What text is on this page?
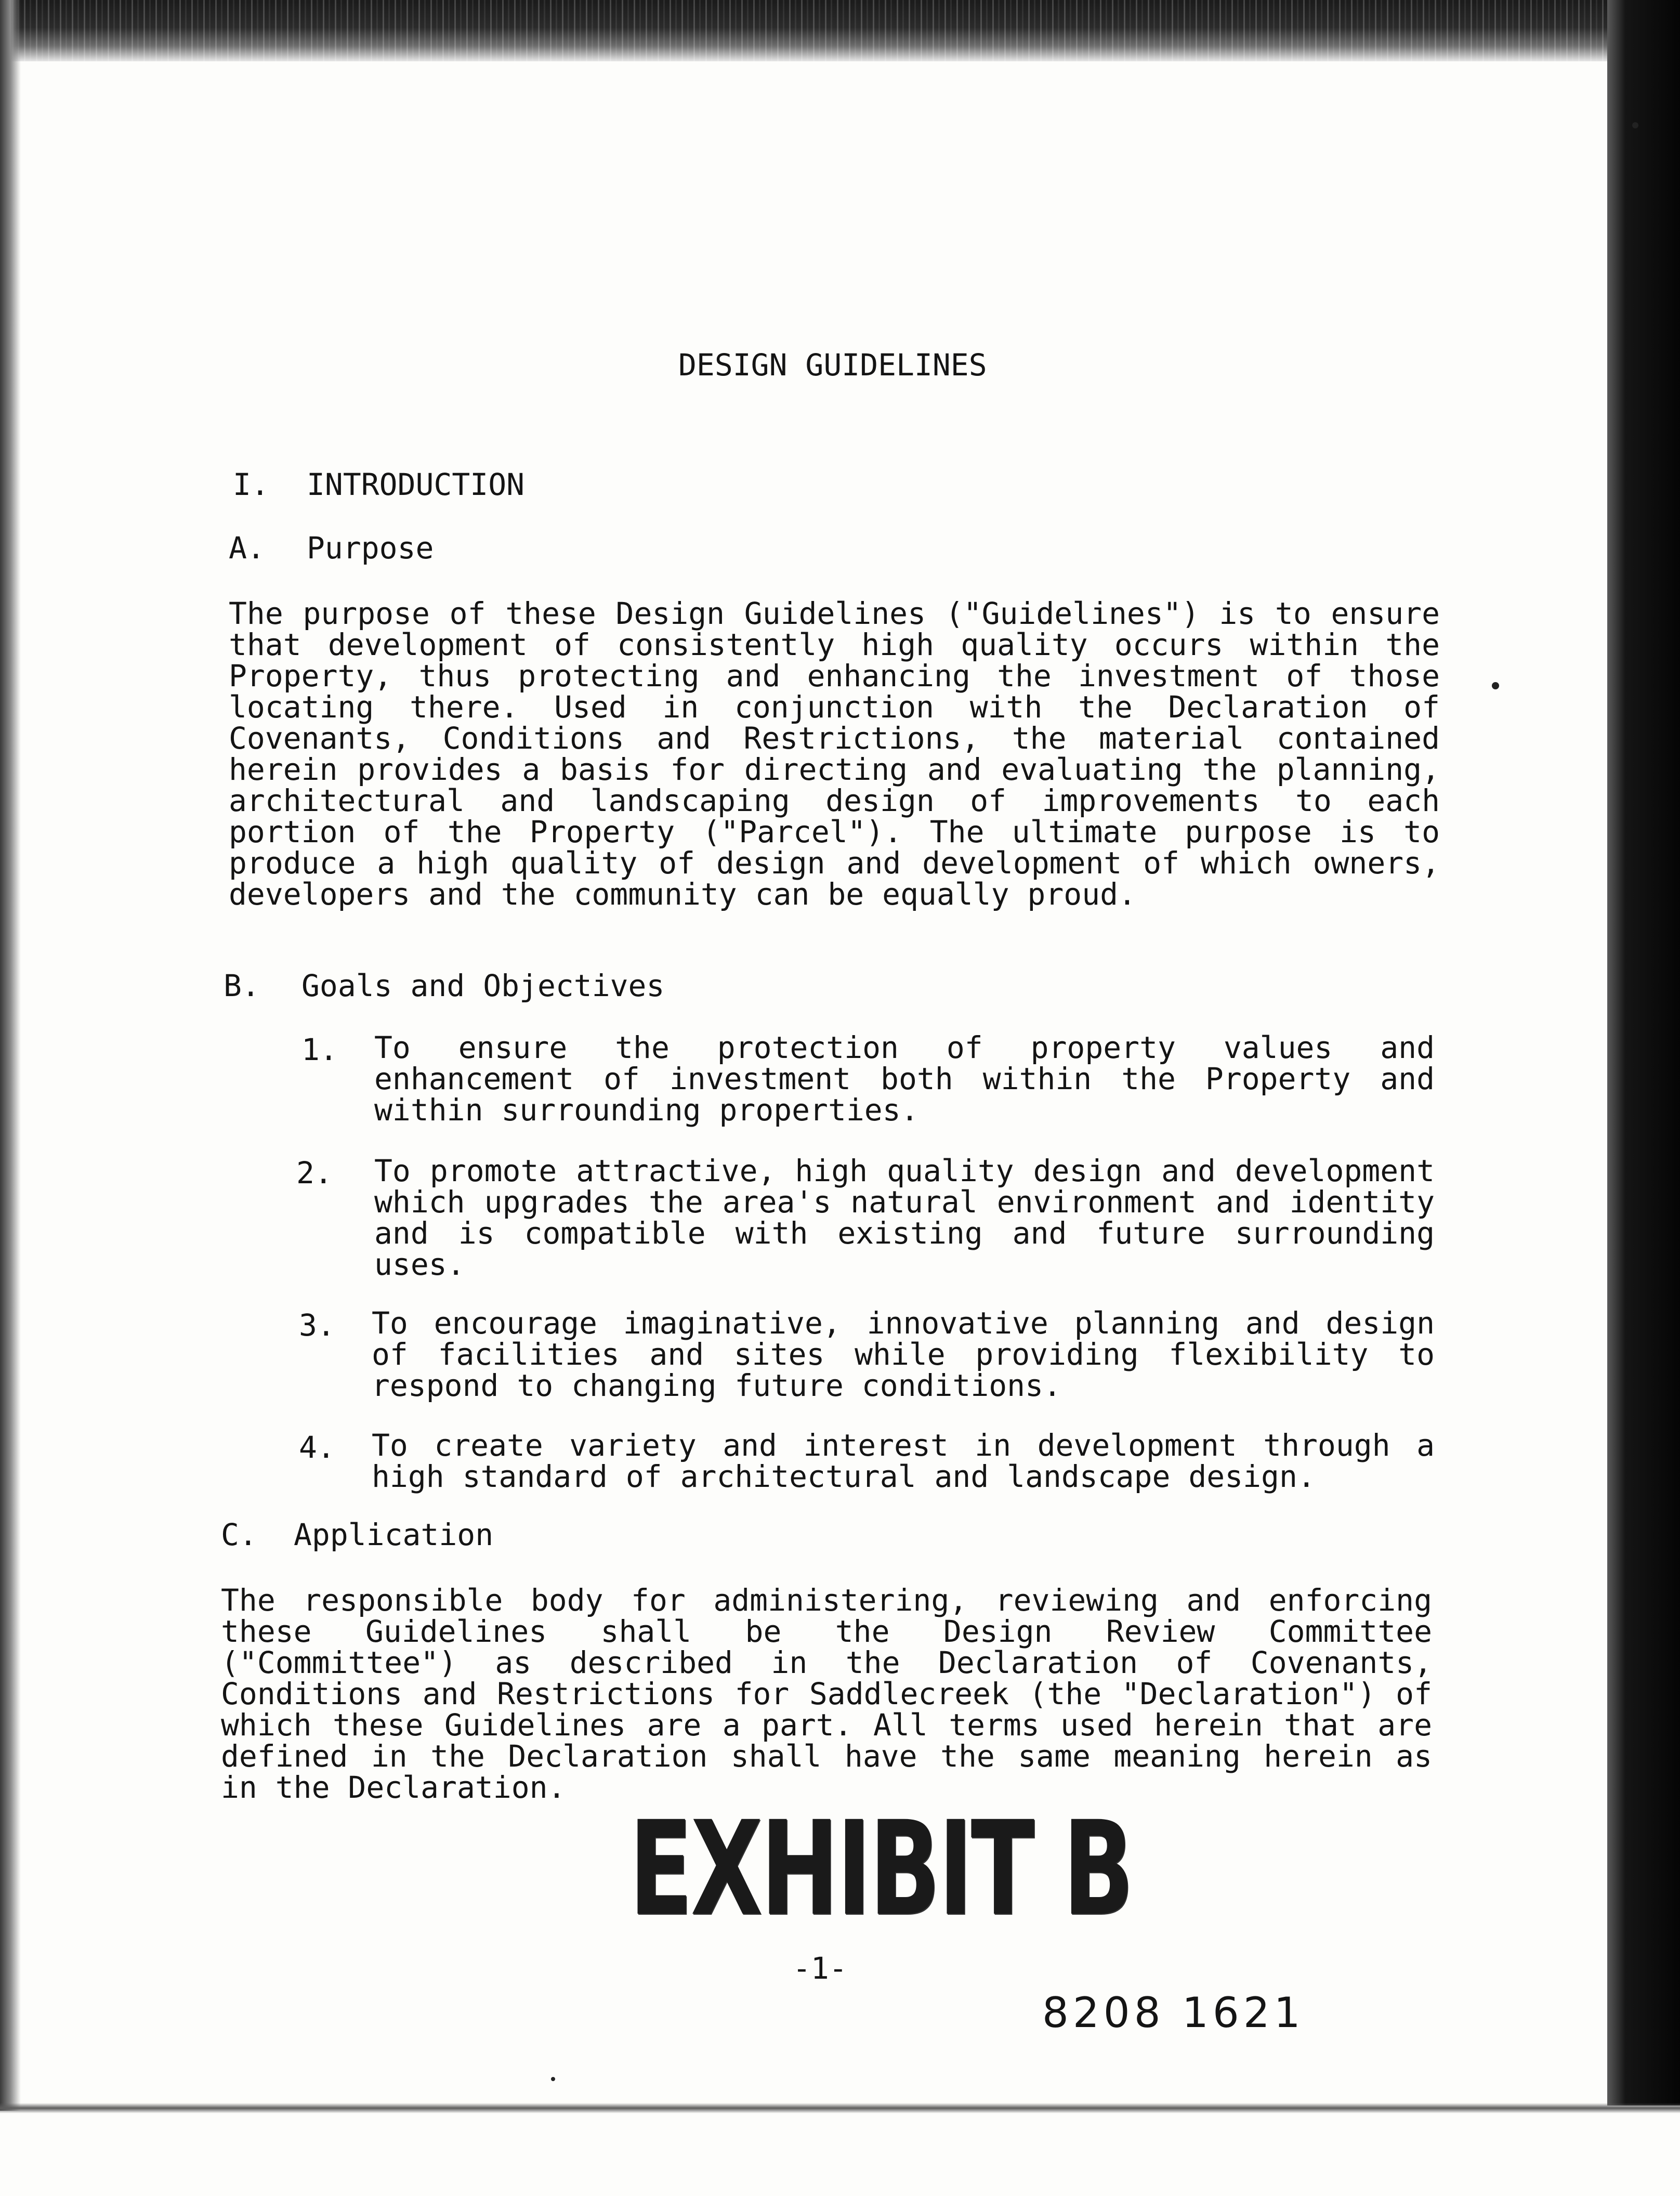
DESIGN GUIDELINES
I. INTRODUCTION
A. Purpose
The purpose of these Design Guidelines ("Guidelines") is to ensure that development of consistently high quality occurs within the Property, thus protecting and enhancing the investment of those locating there. Used in conjunction with the Declaration of Covenants, Conditions and Restrictions, the material contained herein provides a basis for directing and evaluating the planning, architectural and landscaping design of improvements to each portion of the Property ("Parcel"). The ultimate purpose is to produce a high quality of design and development of which owners, developers and the community can be equally proud.
B. Goals and Objectives
1. To ensure the protection of property values and enhancement of investment both within the Property and within surrounding properties.
2. To promote attractive, high quality design and development which upgrades the area's natural environment and identity and is compatible with existing and future surrounding uses.
3. To encourage imaginative, innovative planning and design of facilities and sites while providing flexibility to respond to changing future conditions.
4. To create variety and interest in development through a high standard of architectural and landscape design.
C. Application
The responsible body for administering, reviewing and enforcing these Guidelines shall be the Design Review Committee ("Committee") as described in the Declaration of Covenants, Conditions and Restrictions for Saddlecreek (the "Declaration") of which these Guidelines are a part. All terms used herein that are defined in the Declaration shall have the same meaning herein as in the Declaration.
EXHIBIT B
-1-
8208 1621
